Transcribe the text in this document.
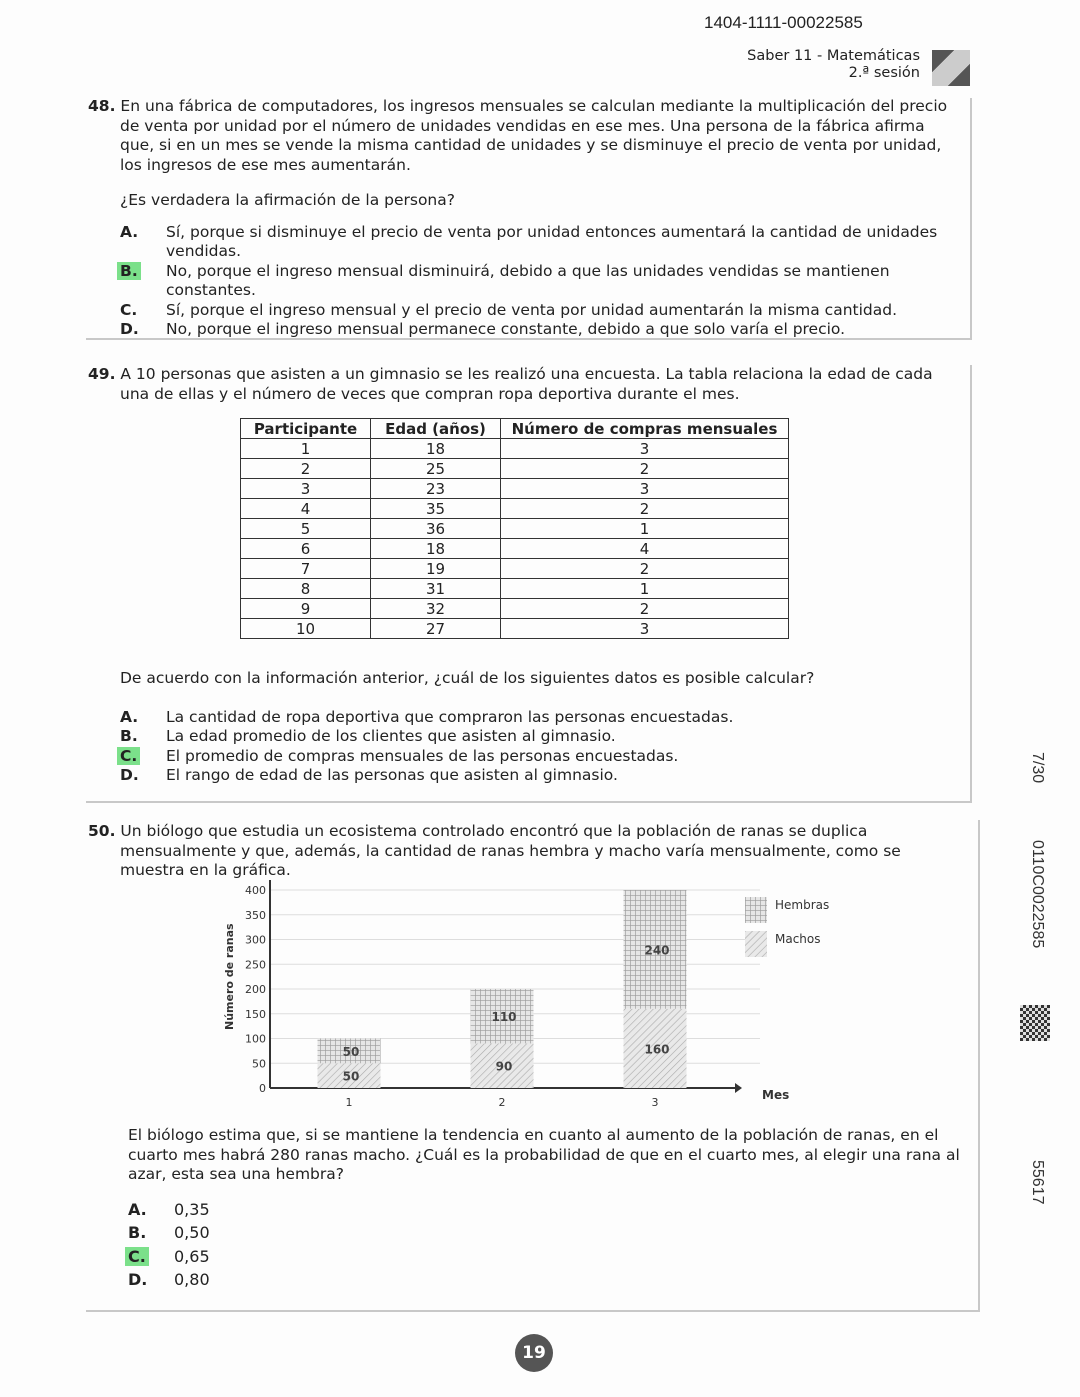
1404-1111-00022585
Saber 11 - Matemáticas
2.ª sesión
48. En una fábrica de computadores, los ingresos mensuales se calculan mediante la multiplicación del precio de venta por unidad por el número de unidades vendidas en ese mes. Una persona de la fábrica afirma que, si en un mes se vende la misma cantidad de unidades y se disminuye el precio de venta por unidad, los ingresos de ese mes aumentarán.
¿Es verdadera la afirmación de la persona?
A.	Sí, porque si disminuye el precio de venta por unidad entonces aumentará la cantidad de unidades vendidas.
B.	No, porque el ingreso mensual disminuirá, debido a que las unidades vendidas se mantienen constantes.
C.	Sí, porque el ingreso mensual y el precio de venta por unidad aumentarán la misma cantidad.
D.	No, porque el ingreso mensual permanece constante, debido a que solo varía el precio.
49. A 10 personas que asisten a un gimnasio se les realizó una encuesta. La tabla relaciona la edad de cada una de ellas y el número de veces que compran ropa deportiva durante el mes.
Participante	Edad (años)	Número de compras mensuales
1	18	3
2	25	2
3	23	3
4	35	2
5	36	1
6	18	4
7	19	2
8	31	1
9	32	2
10	27	3
De acuerdo con la información anterior, ¿cuál de los siguientes datos es posible calcular?
A.	La cantidad de ropa deportiva que compraron las personas encuestadas.
B.	La edad promedio de los clientes que asisten al gimnasio.
C.	El promedio de compras mensuales de las personas encuestadas.
D.	El rango de edad de las personas que asisten al gimnasio.
50. Un biólogo que estudia un ecosistema controlado encontró que la población de ranas se duplica mensualmente y que, además, la cantidad de ranas hembra y macho varía mensualmente, como se muestra en la gráfica.
0
50
100
150
200
250
300
350
400
Número de ranas
Mes
1
50
50
2
90
110
3
160
240
Hembras
Machos
El biólogo estima que, si se mantiene la tendencia en cuanto al aumento de la población de ranas, en el cuarto mes habrá 280 ranas macho. ¿Cuál es la probabilidad de que en el cuarto mes, al elegir una rana al azar, esta sea una hembra?
A.	0,35
B.	0,50
C.	0,65
D.	0,80
7/30
0110C0022585
55617
19
